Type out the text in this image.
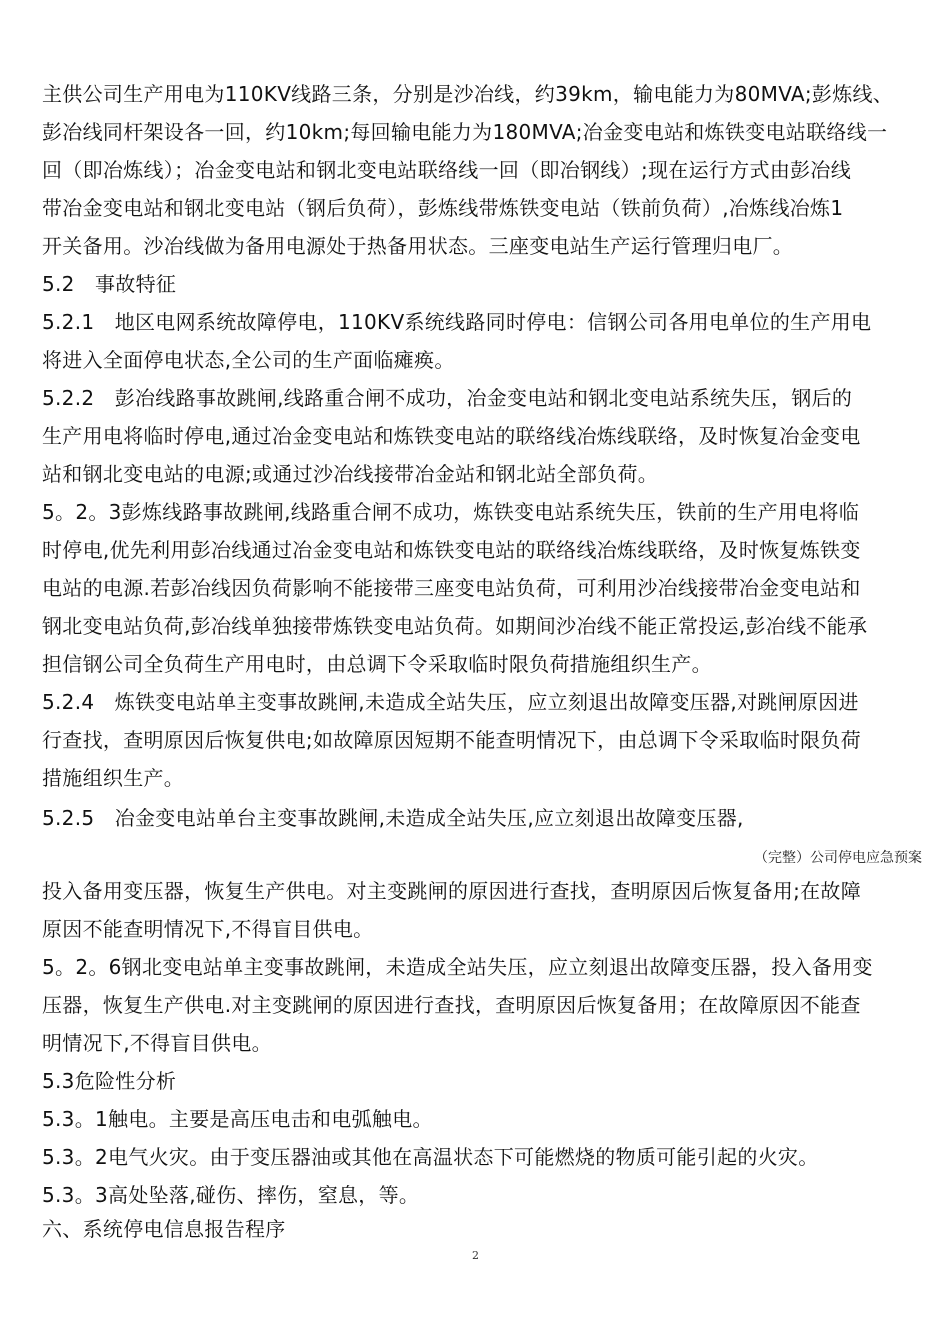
主供公司生产用电为110KV线路三条，分别是沙冶线，约39km，输电能力为80MVA;彭炼线、
彭冶线同杆架设各一回，约10km;每回输电能力为180MVA;冶金变电站和炼铁变电站联络线一
回（即冶炼线）；冶金变电站和钢北变电站联络线一回（即冶钢线）;现在运行方式由彭冶线
带冶金变电站和钢北变电站（钢后负荷），彭炼线带炼铁变电站（铁前负荷）,冶炼线冶炼1
开关备用。沙冶线做为备用电源处于热备用状态。三座变电站生产运行管理归电厂。
5.2　事故特征
5.2.1　地区电网系统故障停电，110KV系统线路同时停电：信钢公司各用电单位的生产用电
将进入全面停电状态,全公司的生产面临瘫痪。
5.2.2　彭冶线路事故跳闸,线路重合闸不成功，冶金变电站和钢北变电站系统失压，钢后的
生产用电将临时停电,通过冶金变电站和炼铁变电站的联络线冶炼线联络，及时恢复冶金变电
站和钢北变电站的电源;或通过沙冶线接带冶金站和钢北站全部负荷。
5。2。3彭炼线路事故跳闸,线路重合闸不成功，炼铁变电站系统失压，铁前的生产用电将临
时停电,优先利用彭冶线通过冶金变电站和炼铁变电站的联络线冶炼线联络，及时恢复炼铁变
电站的电源.若彭冶线因负荷影响不能接带三座变电站负荷，可利用沙冶线接带冶金变电站和
钢北变电站负荷,彭冶线单独接带炼铁变电站负荷。如期间沙冶线不能正常投运,彭冶线不能承
担信钢公司全负荷生产用电时，由总调下令采取临时限负荷措施组织生产。
5.2.4　炼铁变电站单主变事故跳闸,未造成全站失压，应立刻退出故障变压器,对跳闸原因进
行查找，查明原因后恢复供电;如故障原因短期不能查明情况下，由总调下令采取临时限负荷
措施组织生产。
5.2.5　冶金变电站单台主变事故跳闸,未造成全站失压,应立刻退出故障变压器,
（完整）公司停电应急预案
投入备用变压器，恢复生产供电。对主变跳闸的原因进行查找，查明原因后恢复备用;在故障
原因不能查明情况下,不得盲目供电。
5。2。6钢北变电站单主变事故跳闸，未造成全站失压，应立刻退出故障变压器，投入备用变
压器，恢复生产供电.对主变跳闸的原因进行查找，查明原因后恢复备用；在故障原因不能查
明情况下,不得盲目供电。
5.3危险性分析
5.3。1触电。主要是高压电击和电弧触电。
5.3。2电气火灾。由于变压器油或其他在高温状态下可能燃烧的物质可能引起的火灾。
5.3。3高处坠落,碰伤、摔伤，窒息，等。
六、系统停电信息报告程序
2
